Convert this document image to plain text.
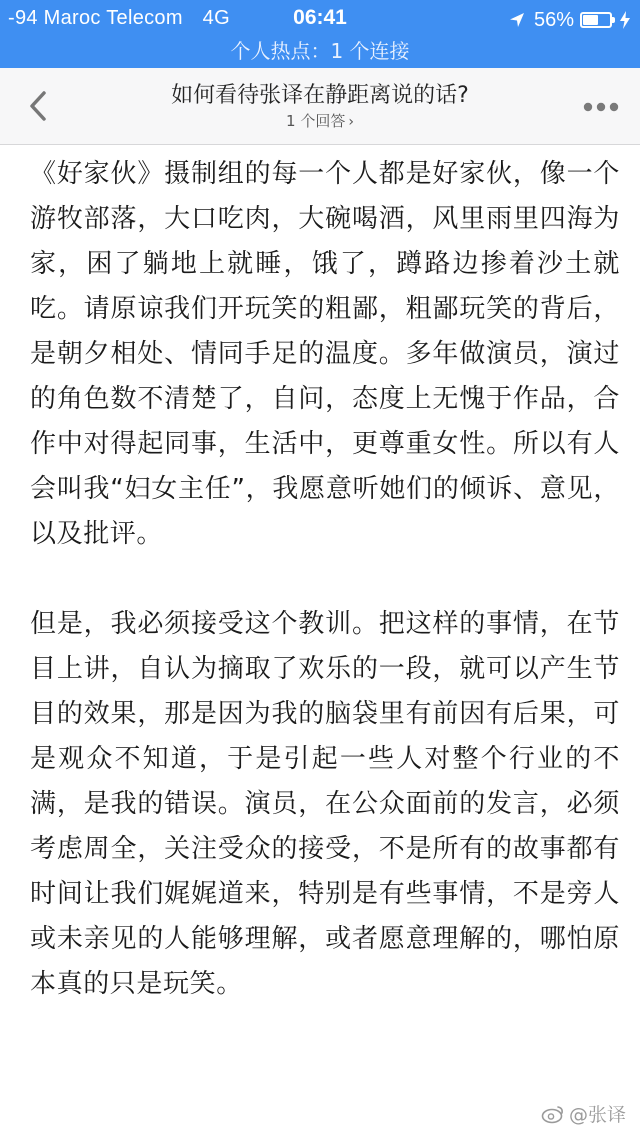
-94 Maroc Telecom 4G	06:41	56%
个人热点：1 个连接
如何看待张译在静距离说的话?
1 个回答 ›

《好家伙》摄制组的每一个人都是好家伙，像一个游牧部落，大口吃肉，大碗喝酒，风里雨里四海为家，困了躺地上就睡，饿了，蹲路边掺着沙土就吃。请原谅我们开玩笑的粗鄙，粗鄙玩笑的背后，是朝夕相处、情同手足的温度。多年做演员，演过的角色数不清楚了，自问，态度上无愧于作品，合作中对得起同事，生活中，更尊重女性。所以有人会叫我“妇女主任”，我愿意听她们的倾诉、意见，以及批评。

但是，我必须接受这个教训。把这样的事情，在节目上讲，自认为摘取了欢乐的一段，就可以产生节目的效果，那是因为我的脑袋里有前因有后果，可是观众不知道，于是引起一些人对整个行业的不满，是我的错误。演员，在公众面前的发言，必须考虑周全，关注受众的接受，不是所有的故事都有时间让我们娓娓道来，特别是有些事情，不是旁人或未亲见的人能够理解，或者愿意理解的，哪怕原本真的只是玩笑。

@张译
